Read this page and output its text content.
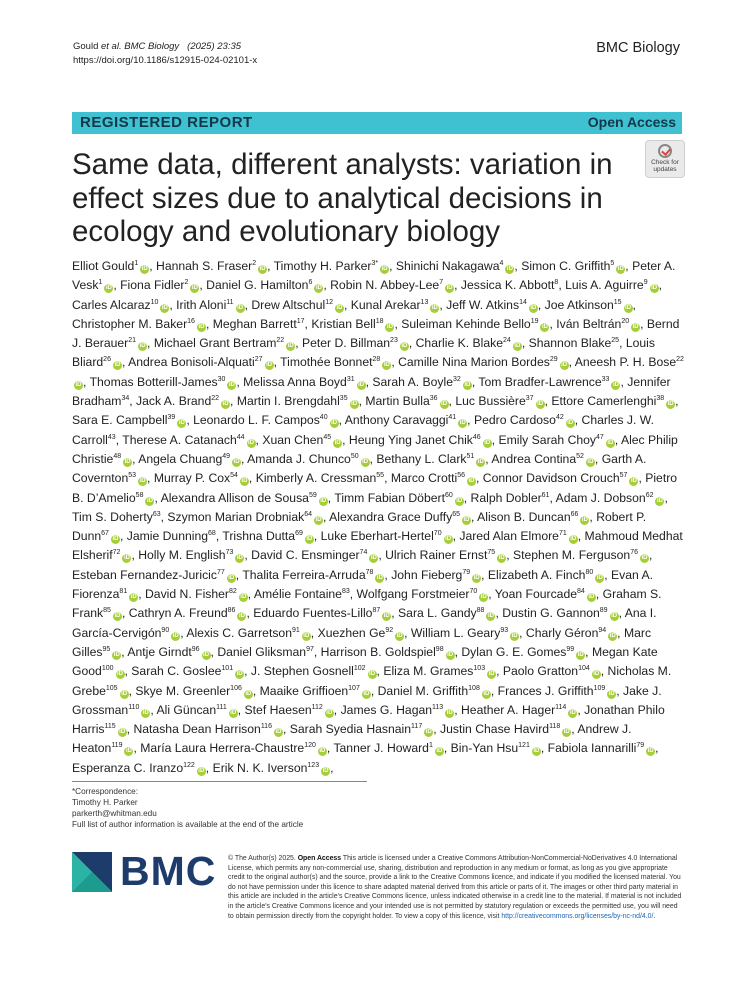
Gould et al. BMC Biology (2025) 23:35
https://doi.org/10.1186/s12915-024-02101-x
BMC Biology
REGISTERED REPORT	Open Access
Same data, different analysts: variation in effect sizes due to analytical decisions in ecology and evolutionary biology
Check for
updates
Elliot Gould$^1$iD , Hannah S. Fraser$^2$iD , Timothy H. Parker$^{3*}$iD , Shinichi Nakagawa$^4$iD , Simon C. Griffith$^5$iD , Peter A. Vesk$^1$iD , Fiona Fidler$^2$iD , Daniel G. Hamilton$^6$iD , Robin N. Abbey-Lee$^7$iD , Jessica K. Abbott$^8$, Luis A. Aguirre$^9$iD , Carles Alcaraz$^{10}$iD , Irith Aloni$^{11}$iD , Drew Altschul$^{12}$iD , Kunal Arekar$^{13}$iD , Jeff W. Atkins$^{14}$iD , Joe Atkinson$^{15}$iD , Christopher M. Baker$^{16}$iD , Meghan Barrett$^{17}$, Kristian Bell$^{18}$iD , Suleiman Kehinde Bello$^{19}$iD , Iván Beltrán$^{20}$iD , Bernd J. Berauer$^{21}$iD , Michael Grant Bertram$^{22}$iD , Peter D. Billman$^{23}$iD , Charlie K. Blake$^{24}$iD , Shannon Blake$^{25}$, Louis Bliard$^{26}$iD , Andrea Bonisoli-Alquati$^{27}$iD , Timothée Bonnet$^{28}$iD , Camille Nina Marion Bordes$^{29}$iD , Aneesh P. H. Bose$^{22}$iD , Thomas Botterill-James$^{30}$iD , Melissa Anna Boyd$^{31}$iD , Sarah A. Boyle$^{32}$iD , Tom Bradfer-Lawrence$^{33}$iD , Jennifer Bradham$^{34}$, Jack A. Brand$^{22}$iD , Martin I. Brengdahl$^{35}$iD , Martin Bulla$^{36}$iD , Luc Bussière$^{37}$iD , Ettore Camerlenghi$^{38}$iD , Sara E. Campbell$^{39}$iD , Leonardo L. F. Campos$^{40}$iD , Anthony Caravaggi$^{41}$iD , Pedro Cardoso$^{42}$iD , Charles J. W. Carroll$^{43}$, Therese A. Catanach$^{44}$iD , Xuan Chen$^{45}$iD , Heung Ying Janet Chik$^{46}$iD , Emily Sarah Choy$^{47}$iD , Alec Philip Christie$^{48}$iD , Angela Chuang$^{49}$iD , Amanda J. Chunco$^{50}$iD , Bethany L. Clark$^{51}$iD , Andrea Contina$^{52}$iD , Garth A. Covernton$^{53}$iD , Murray P. Cox$^{54}$iD , Kimberly A. Cressman$^{55}$, Marco Crotti$^{56}$iD , Connor Davidson Crouch$^{57}$iD , Pietro B. D’Amelio$^{58}$iD , Alexandra Allison de Sousa$^{59}$iD , Timm Fabian Döbert$^{60}$iD , Ralph Dobler$^{61}$, Adam J. Dobson$^{62}$iD , Tim S. Doherty$^{63}$, Szymon Marian Drobniak$^{64}$iD , Alexandra Grace Duffy$^{65}$iD , Alison B. Duncan$^{66}$iD , Robert P. Dunn$^{67}$iD , Jamie Dunning$^{68}$, Trishna Dutta$^{69}$iD , Luke Eberhart-Hertel$^{70}$iD , Jared Alan Elmore$^{71}$iD , Mahmoud Medhat Elsherif$^{72}$iD , Holly M. English$^{73}$iD , David C. Ensminger$^{74}$iD , Ulrich Rainer Ernst$^{75}$iD , Stephen M. Ferguson$^{76}$iD , Esteban Fernandez-Juricic$^{77}$iD , Thalita Ferreira-Arruda$^{78}$iD , John Fieberg$^{79}$iD , Elizabeth A. Finch$^{80}$iD , Evan A. Fiorenza$^{81}$iD , David N. Fisher$^{82}$iD , Amélie Fontaine$^{83}$, Wolfgang Forstmeier$^{70}$iD , Yoan Fourcade$^{84}$iD , Graham S. Frank$^{85}$iD , Cathryn A. Freund$^{86}$iD , Eduardo Fuentes-Lillo$^{87}$iD , Sara L. Gandy$^{88}$iD , Dustin G. Gannon$^{89}$iD , Ana I. García-Cervigón$^{90}$iD , Alexis C. Garretson$^{91}$iD , Xuezhen Ge$^{92}$iD , William L. Geary$^{93}$iD , Charly Géron$^{94}$iD , Marc Gilles$^{95}$iD , Antje Girndt$^{96}$iD , Daniel Gliksman$^{97}$, Harrison B. Goldspiel$^{98}$iD , Dylan G. E. Gomes$^{99}$iD , Megan Kate Good$^{100}$iD , Sarah C. Goslee$^{101}$iD , J. Stephen Gosnell$^{102}$iD , Eliza M. Grames$^{103}$iD , Paolo Gratton$^{104}$iD , Nicholas M. Grebe$^{105}$iD , Skye M. Greenler$^{106}$iD , Maaike Griffioen$^{107}$iD , Daniel M. Griffith$^{108}$iD , Frances J. Griffith$^{109}$iD , Jake J. Grossman$^{110}$iD , Ali Güncan$^{111}$iD , Stef Haesen$^{112}$iD , James G. Hagan$^{113}$iD , Heather A. Hager$^{114}$iD , Jonathan Philo Harris$^{115}$iD , Natasha Dean Harrison$^{116}$iD , Sarah Syedia Hasnain$^{117}$iD , Justin Chase Havird$^{118}$iD , Andrew J. Heaton$^{119}$iD , María Laura Herrera-Chaustre$^{120}$iD , Tanner J. Howard$^1$iD , Bin-Yan Hsu$^{121}$iD , Fabiola Iannarilli$^{79}$iD , Esperanza C. Iranzo$^{122}$iD , Erik N. K. Iverson$^{123}$iD ,
*Correspondence:
Timothy H. Parker
parkerth@whitman.edu
Full list of author information is available at the end of the article
BMC © The Author(s) 2025. Open Access This article is licensed under a Creative Commons Attribution-NonCommercial-NoDerivatives 4.0 International License, which permits any non-commercial use, sharing, distribution and reproduction in any medium or format, as long as you give appropriate credit to the original author(s) and the source, provide a link to the Creative Commons licence, and indicate if you modified the licensed material. You do not have permission under this licence to share adapted material derived from this article or parts of it. The images or other third party material in this article are included in the article’s Creative Commons licence, unless indicated otherwise in a credit line to the material. If material is not included in the article’s Creative Commons licence and your intended use is not permitted by statutory regulation or exceeds the permitted use, you will need to obtain permission directly from the copyright holder. To view a copy of this licence, visit http://creativecommons.org/licenses/by-nc-nd/4.0/.
